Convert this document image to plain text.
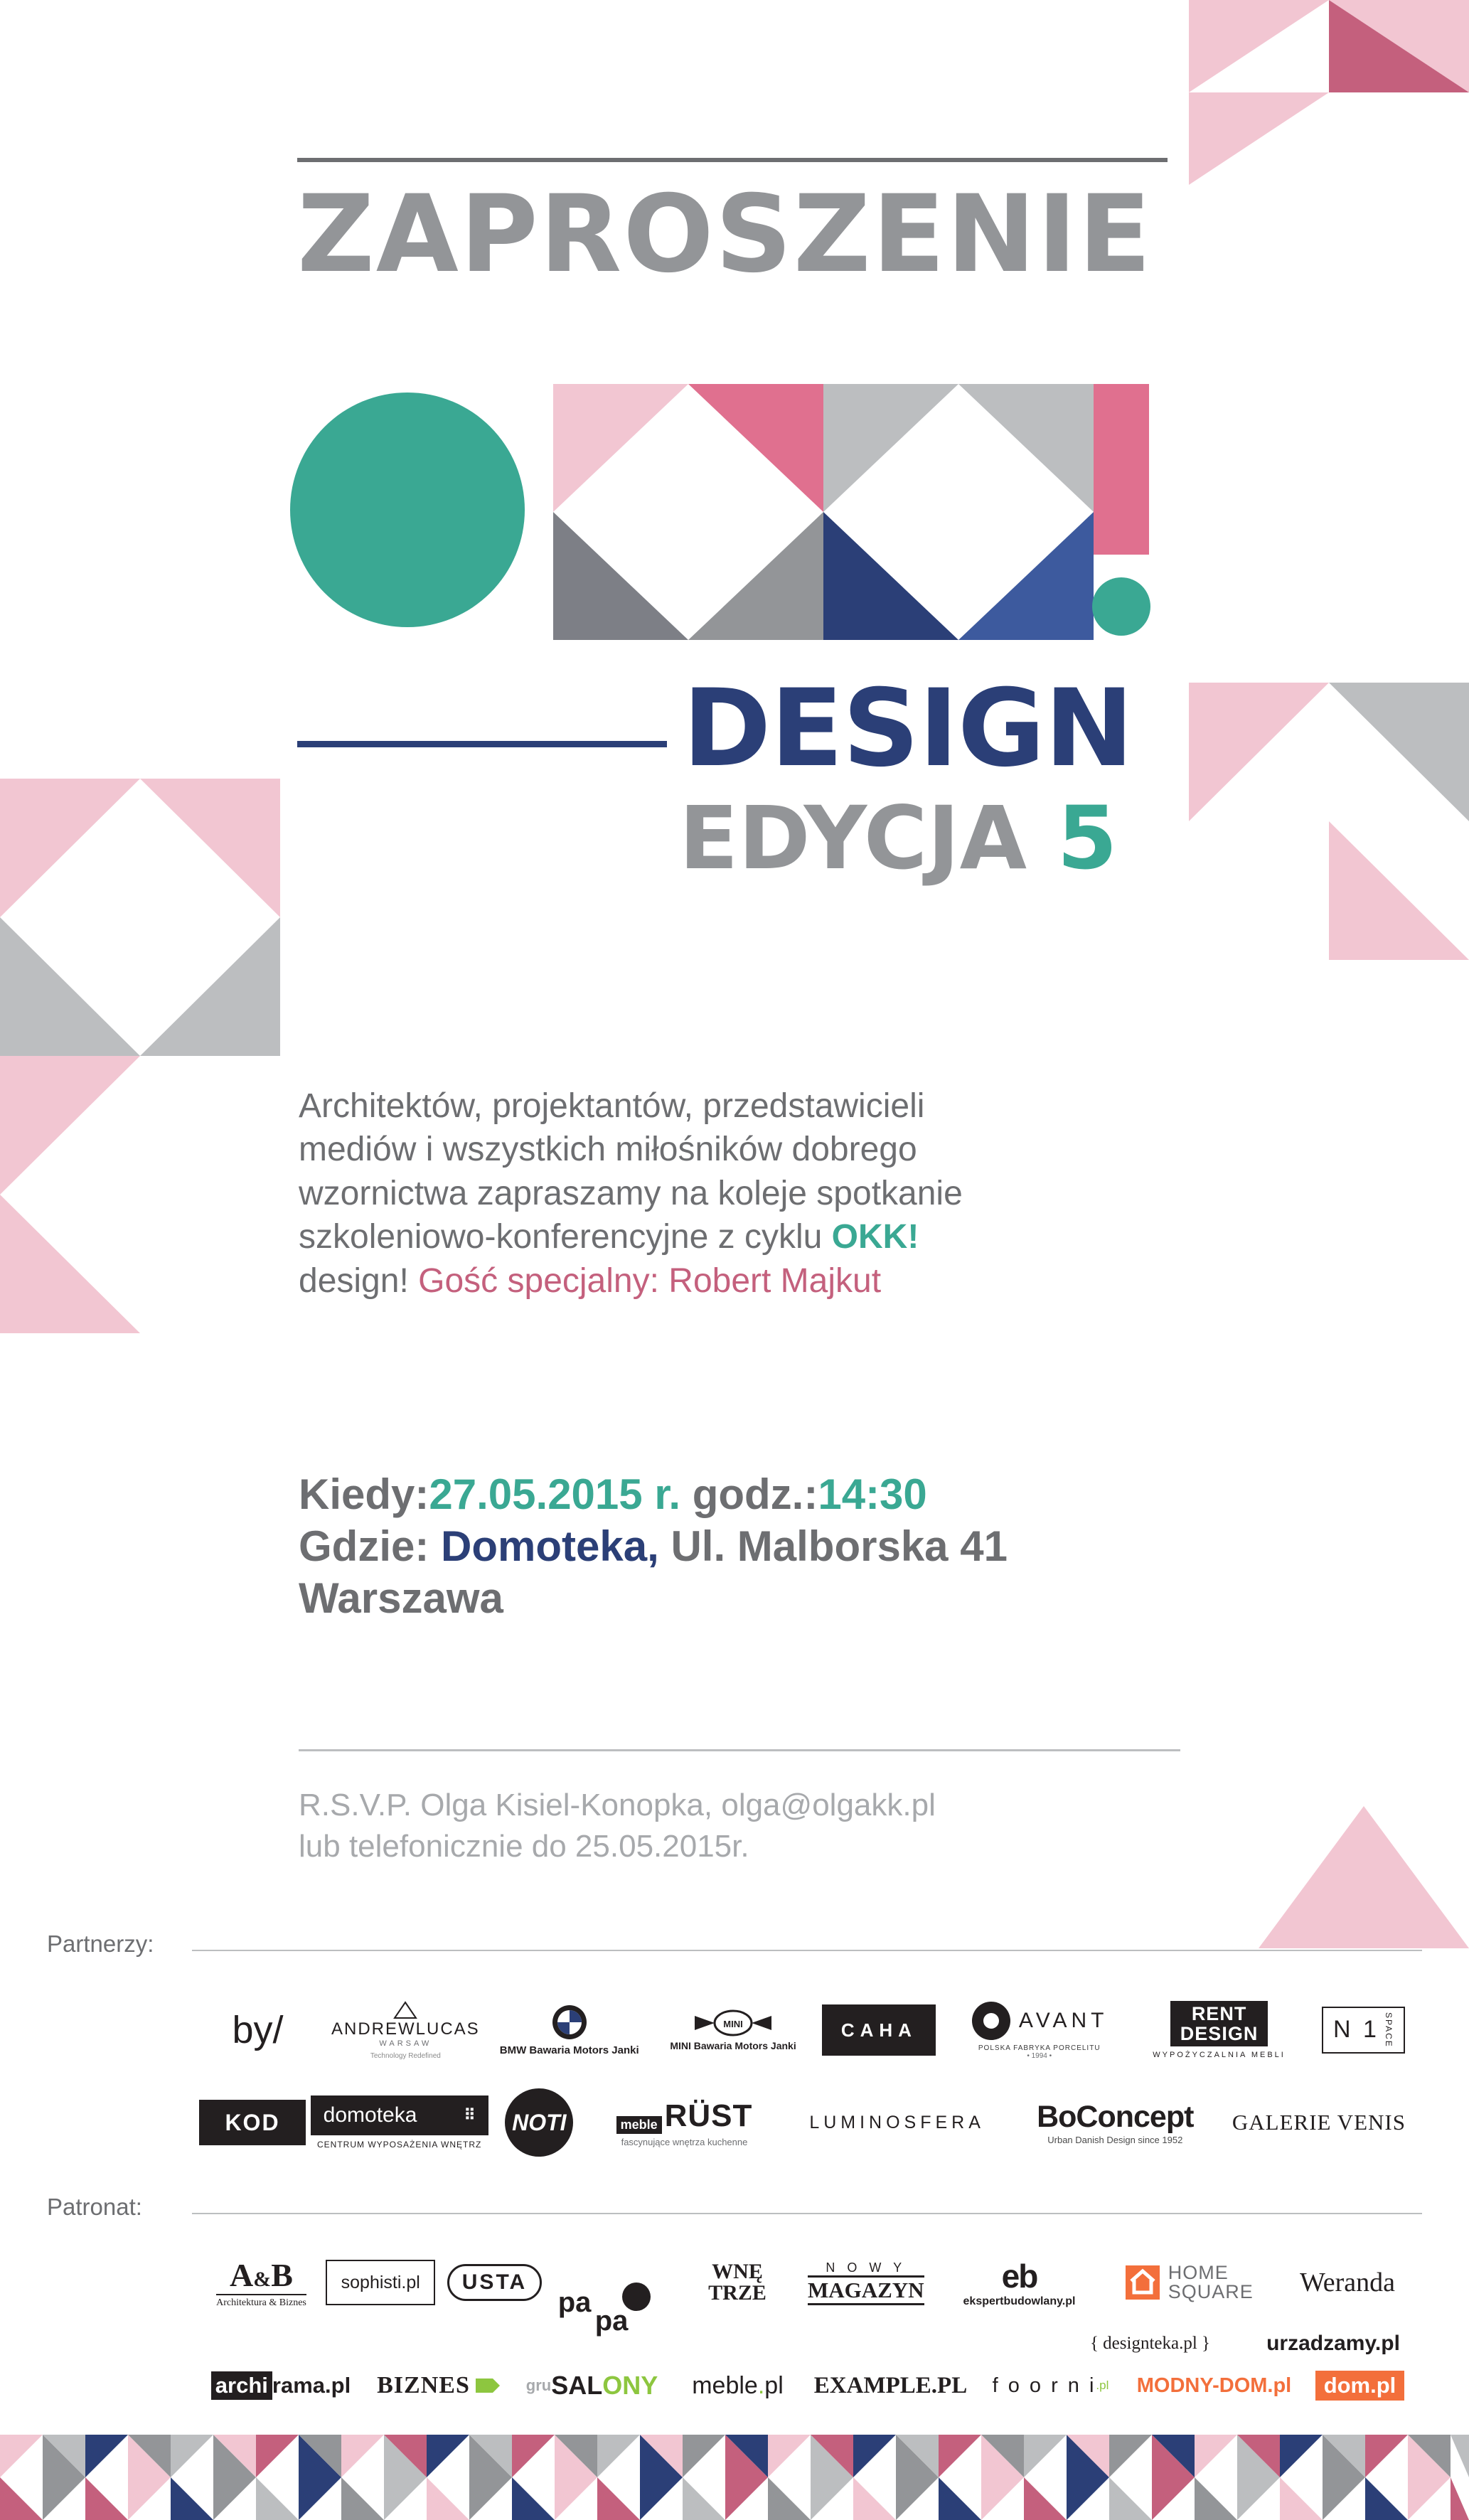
ZAPROSZENIE
DESIGN
EDYCJA 5
Architektów, projektantów, przedstawicieli
mediów i wszystkich miłośników dobrego
wzornictwa zapraszamy na koleje spotkanie
szkoleniowo-konferencyjne z cyklu OKK!
design! Gość specjalny: Robert Majkut
Kiedy:27.05.2015 r. godz.:14:30
Gdzie: Domoteka, Ul. Malborska 41
Warszawa
R.S.V.P. Olga Kisiel-Konopka, olga@olgakk.pl
lub telefonicznie do 25.05.2015r.
Partnerzy:
by/	ANDREWLUCAS
WARSAW
Technology Redefined	BMW Bawaria Motors Janki
MINI
MINI Bawaria Motors Janki
CAHA	AVANT
POLSKA FABRYKA PORCELITU
• 1994 •
RENT
DESIGN
WYPOŻYCZALNIA MEBLI
N 1 SPACE
KOD domoteka	⠿
CENTRUM WYPOSAŻENIA WNĘTRZ
NOTI	meble RÜST
fascynujące wnętrza kuchenne
LUMINOSFERA BoConcept
Urban Danish Design since 1952
GALERIE VENIS
Patronat:
A&B
Architektura & Biznes
sophisti.pl	USTA
pa
pa
WNĘ
TRZE
N O W Y
MAGAZYN eb
ekspertbudowlany.pl
HOME
SQUARE Weranda
{ designteka.pl }	urzadzamy.pl
archi rama.pl BIZNES	gru SAL ONY meble . pl EXAMPLE.PL f o o r n i .pl MODNY-DOM.pl	dom.pl
